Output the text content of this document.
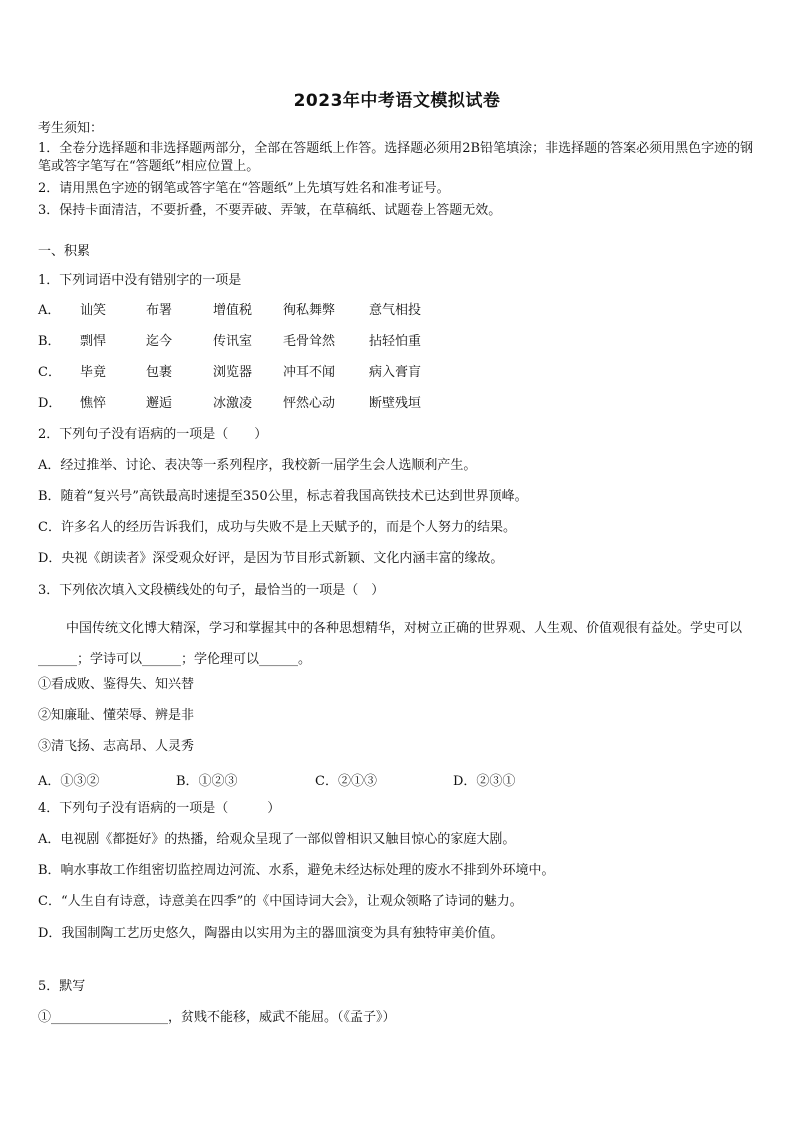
2023年中考语文模拟试卷
考生须知：
1．全卷分选择题和非选择题两部分，全部在答题纸上作答。选择题必须用2B铅笔填涂；非选择题的答案必须用黑色字迹的钢笔或答字笔写在“答题纸”相应位置上。
2．请用黑色字迹的钢笔或答字笔在“答题纸”上先填写姓名和准考证号。
3．保持卡面清洁，不要折叠，不要弄破、弄皱，在草稿纸、试题卷上答题无效。
一、积累
1．下列词语中没有错别字的一项是
A． 讪笑	布署	增值税 徇私舞弊	意气相投
B． 剽悍	迄今	传讯室 毛骨耸然	拈轻怕重
C． 毕竟	包裹	浏览器 冲耳不闻	病入膏肓
D． 憔悴	邂逅	冰激凌 怦然心动	断壁残垣
2．下列句子没有语病的一项是（　　）
A．经过推举、讨论、表决等一系列程序，我校新一届学生会人选顺利产生。
B．随着“复兴号”高铁最高时速提至350公里，标志着我国高铁技术已达到世界顶峰。
C．许多名人的经历告诉我们，成功与失败不是上天赋予的，而是个人努力的结果。
D．央视《朗读者》深受观众好评，是因为节目形式新颖、文化内涵丰富的缘故。
3．下列依次填入文段横线处的句子，最恰当的一项是（　）
中国传统文化博大精深，学习和掌握其中的各种思想精华，对树立正确的世界观、人生观、价值观很有益处。学史可以______；学诗可以______；学伦理可以______。
①看成败、鉴得失、知兴替
②知廉耻、懂荣辱、辨是非
③清飞扬、志高昂、人灵秀
A．①③②	B．①②③	C．②①③	D．②③①
4．下列句子没有语病的一项是（　　　）
A．电视剧《都挺好》的热播，给观众呈现了一部似曾相识又触目惊心的家庭大剧。
B．响水事故工作组密切监控周边河流、水系，避免未经达标处理的废水不排到外环境中。
C．“人生自有诗意，诗意美在四季”的《中国诗词大会》，让观众领略了诗词的魅力。
D．我国制陶工艺历史悠久，陶器由以实用为主的器皿演变为具有独特审美价值。
5．默写
①__________________，贫贱不能移，威武不能屈。（《孟子》）
